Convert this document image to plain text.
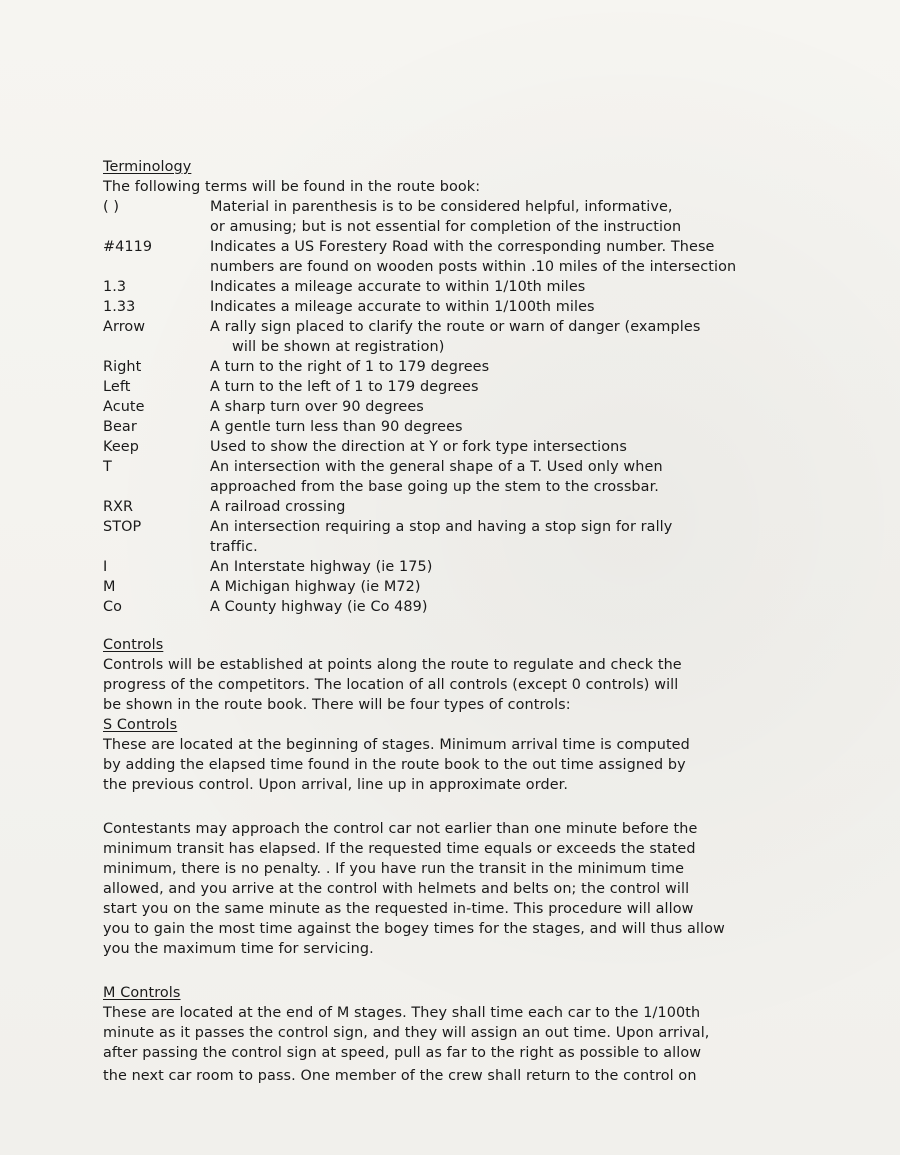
Terminology
The following terms will be found in the route book:
( )	Material in parenthesis is to be considered helpful, informative,
or amusing; but is not essential for completion of the instruction
#4119	Indicates a US Forestery Road with the corresponding number. These
numbers are found on wooden posts within .10 miles of the intersection
1.3	Indicates a mileage accurate to within 1/10th miles
1.33	Indicates a mileage accurate to within 1/100th miles
Arrow	A rally sign placed to clarify the route or warn of danger (examples
will be shown at registration)
Right	A turn to the right of 1 to 179 degrees
Left	A turn to the left of 1 to 179 degrees
Acute	A sharp turn over 90 degrees
Bear	A gentle turn less than 90 degrees
Keep	Used to show the direction at Y or fork type intersections
T	An intersection with the general shape of a T. Used only when
approached from the base going up the stem to the crossbar.
RXR	A railroad crossing
STOP	An intersection requiring a stop and having a stop sign for rally
traffic.
I	An Interstate highway (ie 175)
M	A Michigan highway (ie M72)
Co	A County highway (ie Co 489)
Controls
Controls will be established at points along the route to regulate and check the
progress of the competitors. The location of all controls (except 0 controls) will
be shown in the route book. There will be four types of controls:
S Controls
These are located at the beginning of stages. Minimum arrival time is computed
by adding the elapsed time found in the route book to the out time assigned by
the previous control. Upon arrival, line up in approximate order.
Contestants may approach the control car not earlier than one minute before the
minimum transit has elapsed. If the requested time equals or exceeds the stated
minimum, there is no penalty. . If you have run the transit in the minimum time
allowed, and you arrive at the control with helmets and belts on; the control will
start you on the same minute as the requested in-time. This procedure will allow
you to gain the most time against the bogey times for the stages, and will thus allow
you the maximum time for servicing.
M Controls
These are located at the end of M stages. They shall time each car to the 1/100th
minute as it passes the control sign, and they will assign an out time. Upon arrival,
after passing the control sign at speed, pull as far to the right as possible to allow
the next car room to pass. One member of the crew shall return to the control on
